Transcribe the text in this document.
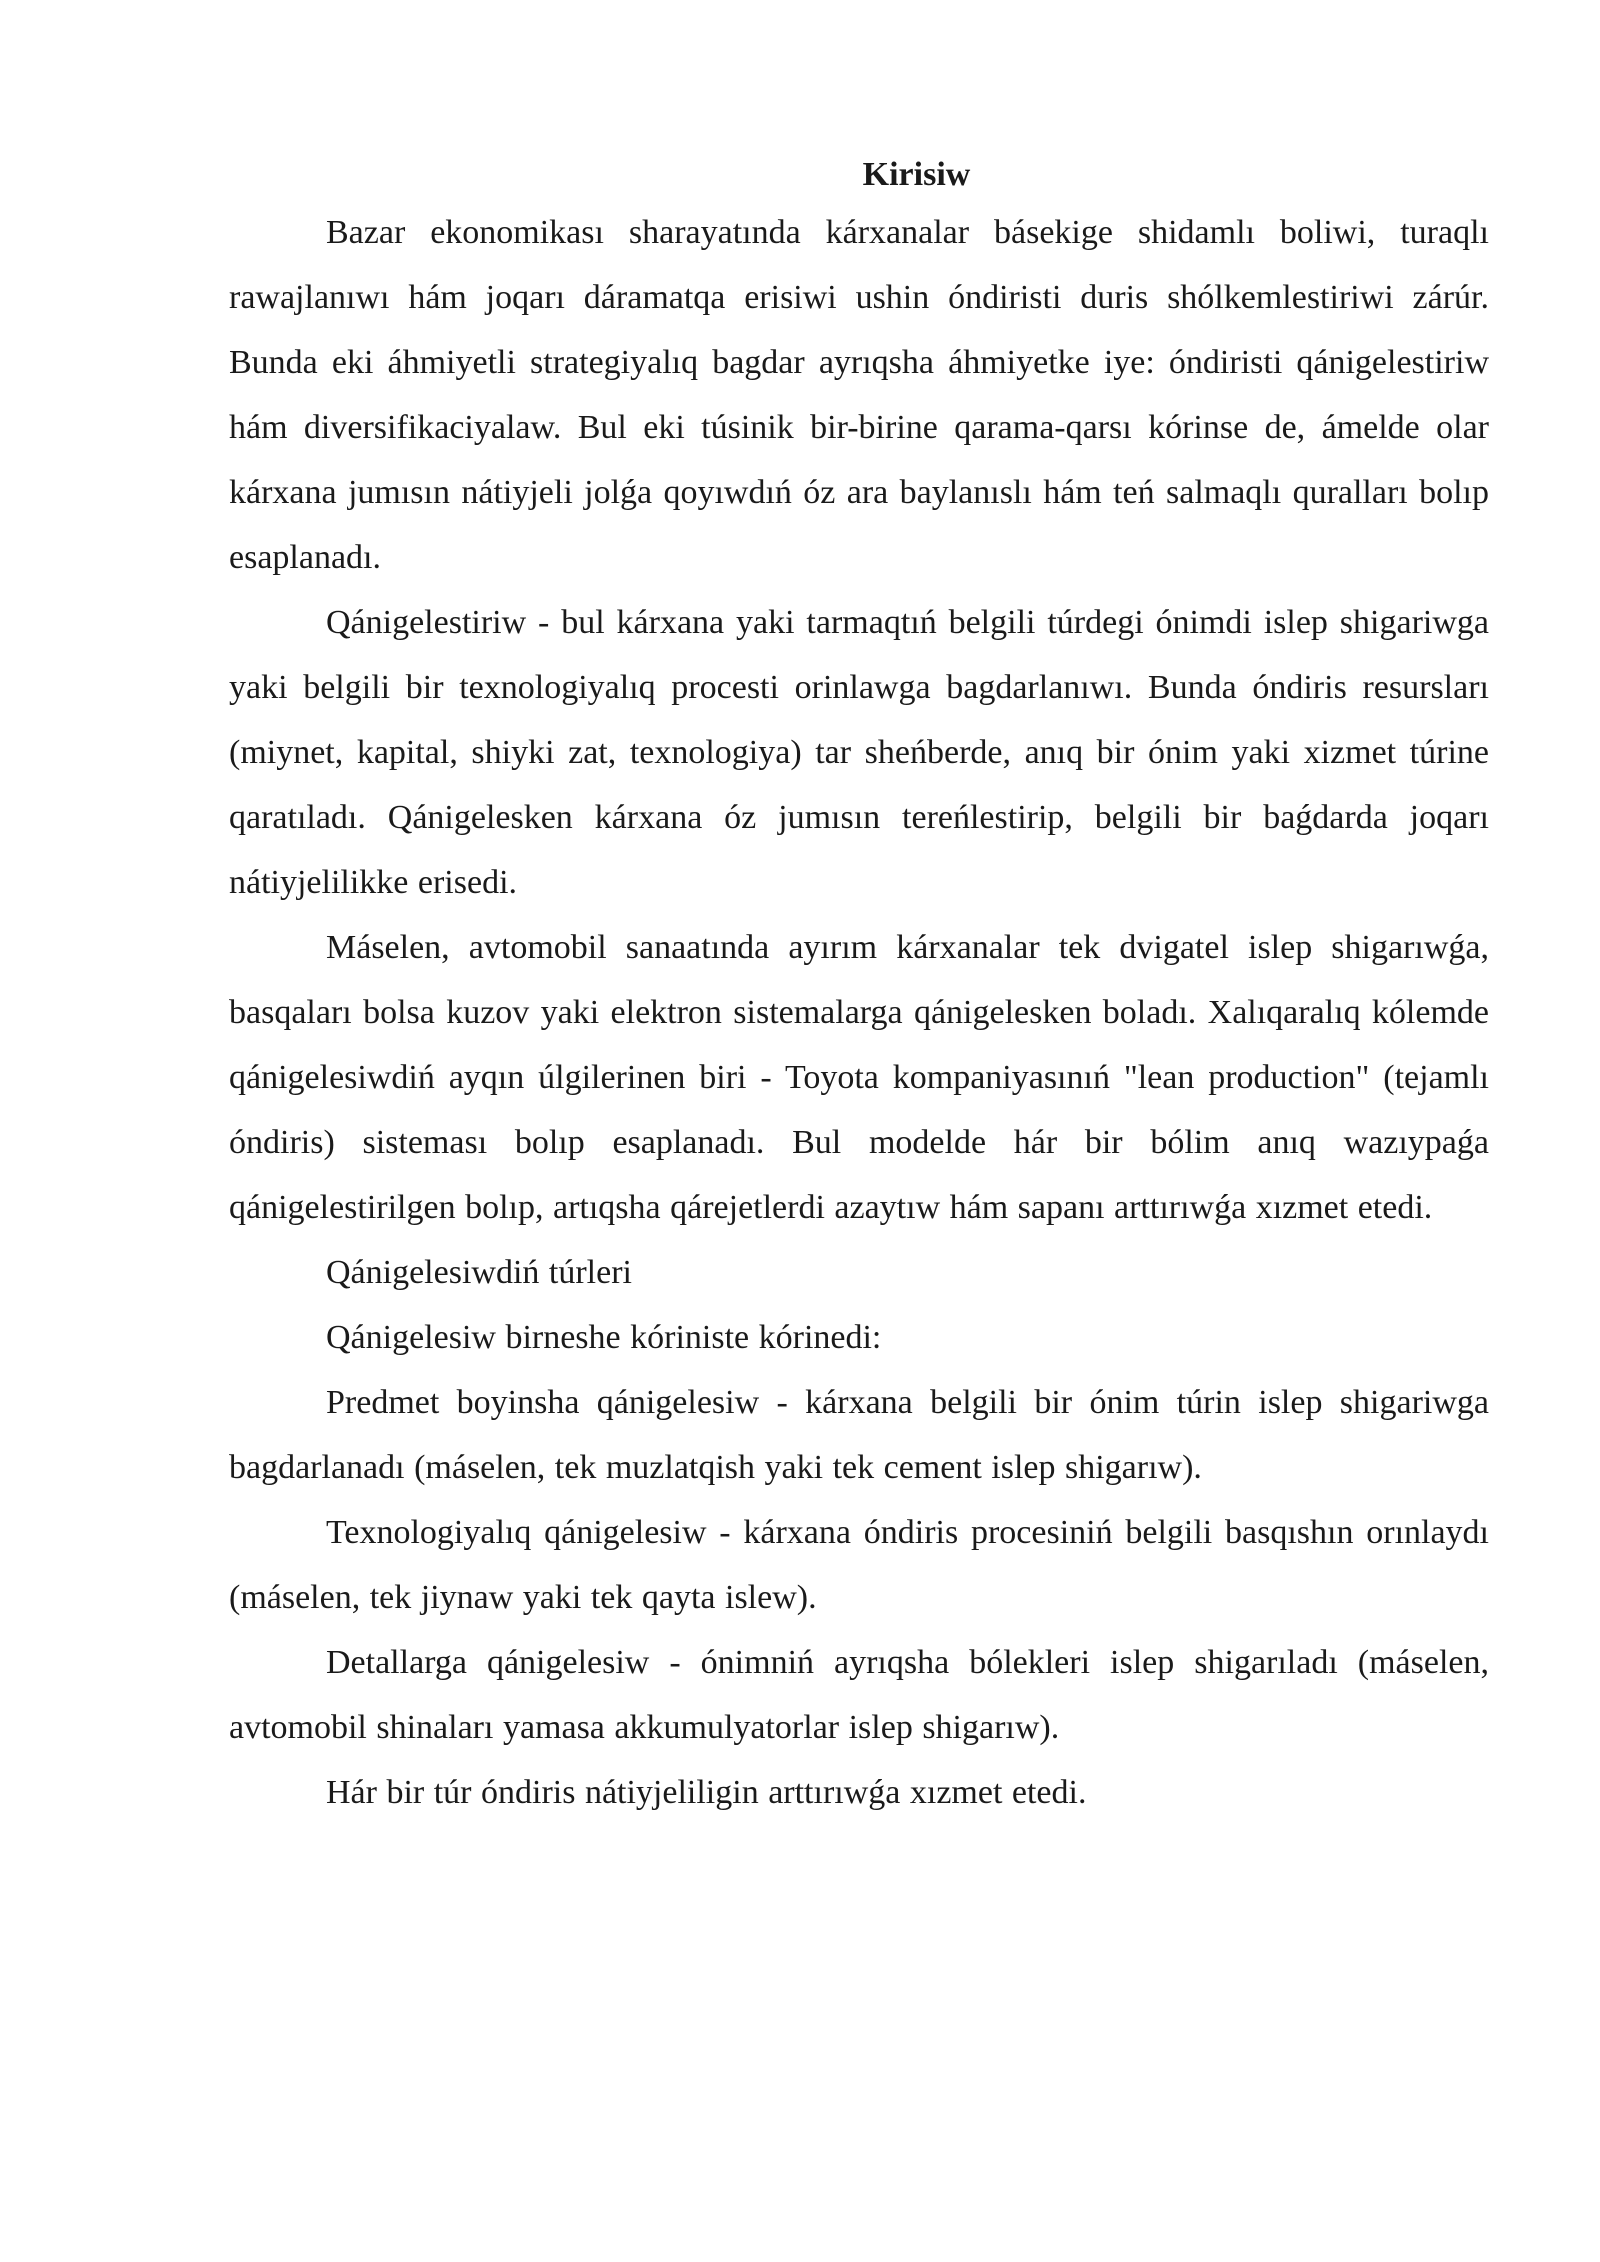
Kirisiw

Bazar ekonomikası sharayatında kárxanalar básekige shidamlı boliwi, turaqlı rawajlanıwı hám joqarı dáramatqa erisiwi ushin óndiristi duris shólkemlestiriwi zárúr. Bunda eki áhmiyetli strategiyalıq bagdar ayrıqsha áhmiyetke iye: óndiristi qánigelestiriw hám diversifikaciyalaw. Bul eki túsinik bir-birine qarama-qarsı kórinse de, ámelde olar kárxana jumısın nátiyjeli jolǵa qoyıwdıń óz ara baylanıslı hám teń salmaqlı quralları bolıp esaplanadı.

Qánigelestiriw - bul kárxana yaki tarmaqtıń belgili túrdegi ónimdi islep shigariwga yaki belgili bir texnologiyalıq procesti orinlawga bagdarlanıwı. Bunda óndiris resursları (miynet, kapital, shiyki zat, texnologiya) tar sheńberde, anıq bir ónim yaki xizmet túrine qaratıladı. Qánigelesken kárxana óz jumısın tereńlestirip, belgili bir baǵdarda joqarı nátiyjelilikke erisedi.

Máselen, avtomobil sanaatında ayırım kárxanalar tek dvigatel islep shigarıwǵa, basqaları bolsa kuzov yaki elektron sistemalarga qánigelesken boladı. Xalıqaralıq kólemde qánigelesiwdiń ayqın úlgilerinen biri - Toyota kompaniyasınıń "lean production" (tejamlı óndiris) sisteması bolıp esaplanadı. Bul modelde hár bir bólim anıq wazıypaǵa qánigelestirilgen bolıp, artıqsha qárejetlerdi azaytıw hám sapanı arttırıwǵa xızmet etedi.

Qánigelesiwdiń túrleri

Qánigelesiw birneshe kóriniste kórinedi:

Predmet boyinsha qánigelesiw - kárxana belgili bir ónim túrin islep shigariwga bagdarlanadı (máselen, tek muzlatqish yaki tek cement islep shigarıw).

Texnologiyalıq qánigelesiw - kárxana óndiris procesiniń belgili basqıshın orınlaydı (máselen, tek jiynaw yaki tek qayta islew).

Detallarga qánigelesiw - ónimniń ayrıqsha bólekleri islep shigarıladı (máselen, avtomobil shinaları yamasa akkumulyatorlar islep shigarıw).

Hár bir túr óndiris nátiyjeliligin arttırıwǵa xızmet etedi.
